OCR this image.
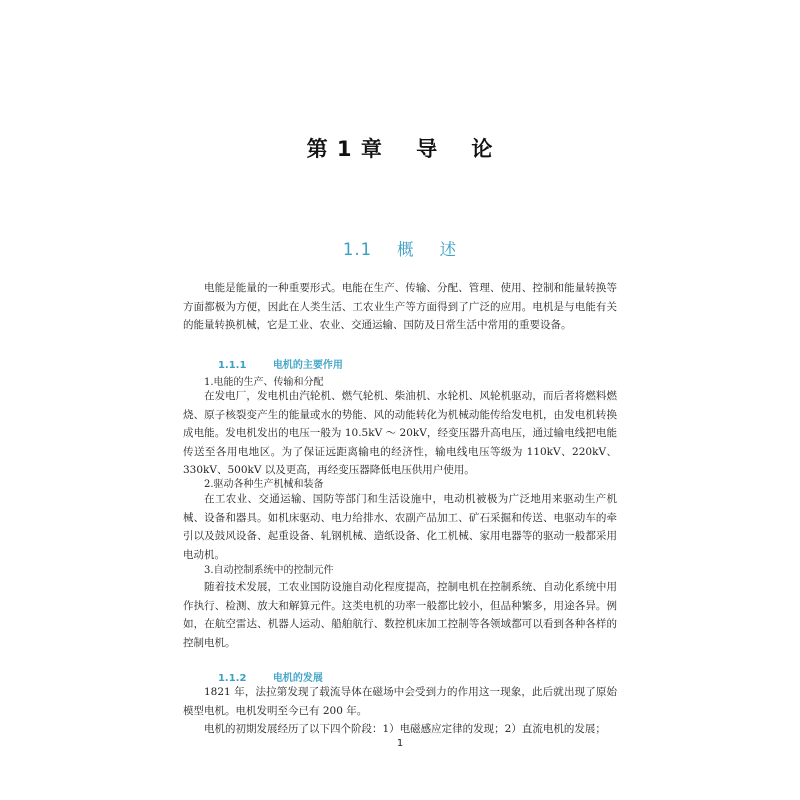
第 1 章    导    论
1.1    概    述

电能是能量的一种重要形式。电能在生产、传输、分配、管理、使用、控制和能量转换等方面都极为方便，因此在人类生活、工农业生产等方面得到了广泛的应用。电机是与电能有关的能量转换机械，它是工业、农业、交通运输、国防及日常生活中常用的重要设备。

1.1.1	电机的主要作用

1.电能的生产、传输和分配

在发电厂，发电机由汽轮机、燃气轮机、柴油机、水轮机、风轮机驱动，而后者将燃料燃烧、原子核裂变产生的能量或水的势能、风的动能转化为机械动能传给发电机，由发电机转换成电能。发电机发出的电压一般为 10.5kV ～ 20kV，经变压器升高电压，通过输电线把电能传送至各用电地区。为了保证远距离输电的经济性，输电线电压等级为 110kV、220kV、330kV、500kV 以及更高，再经变压器降低电压供用户使用。

2.驱动各种生产机械和装备

在工农业、交通运输、国防等部门和生活设施中，电动机被极为广泛地用来驱动生产机械、设备和器具。如机床驱动、电力给排水、农副产品加工、矿石采掘和传送、电驱动车的牵引以及鼓风设备、起重设备、轧钢机械、造纸设备、化工机械、家用电器等的驱动一般都采用电动机。

3.自动控制系统中的控制元件

随着技术发展，工农业国防设施自动化程度提高，控制电机在控制系统、自动化系统中用作执行、检测、放大和解算元件。这类电机的功率一般都比较小，但品种繁多，用途各异。例如，在航空雷达、机器人运动、船舶航行、数控机床加工控制等各领域都可以看到各种各样的控制电机。

1.1.2	电机的发展

1821 年，法拉第发现了载流导体在磁场中会受到力的作用这一现象，此后就出现了原始模型电机。电机发明至今已有 200 年。

电机的初期发展经历了以下四个阶段：1）电磁感应定律的发现；2）直流电机的发展；

1
